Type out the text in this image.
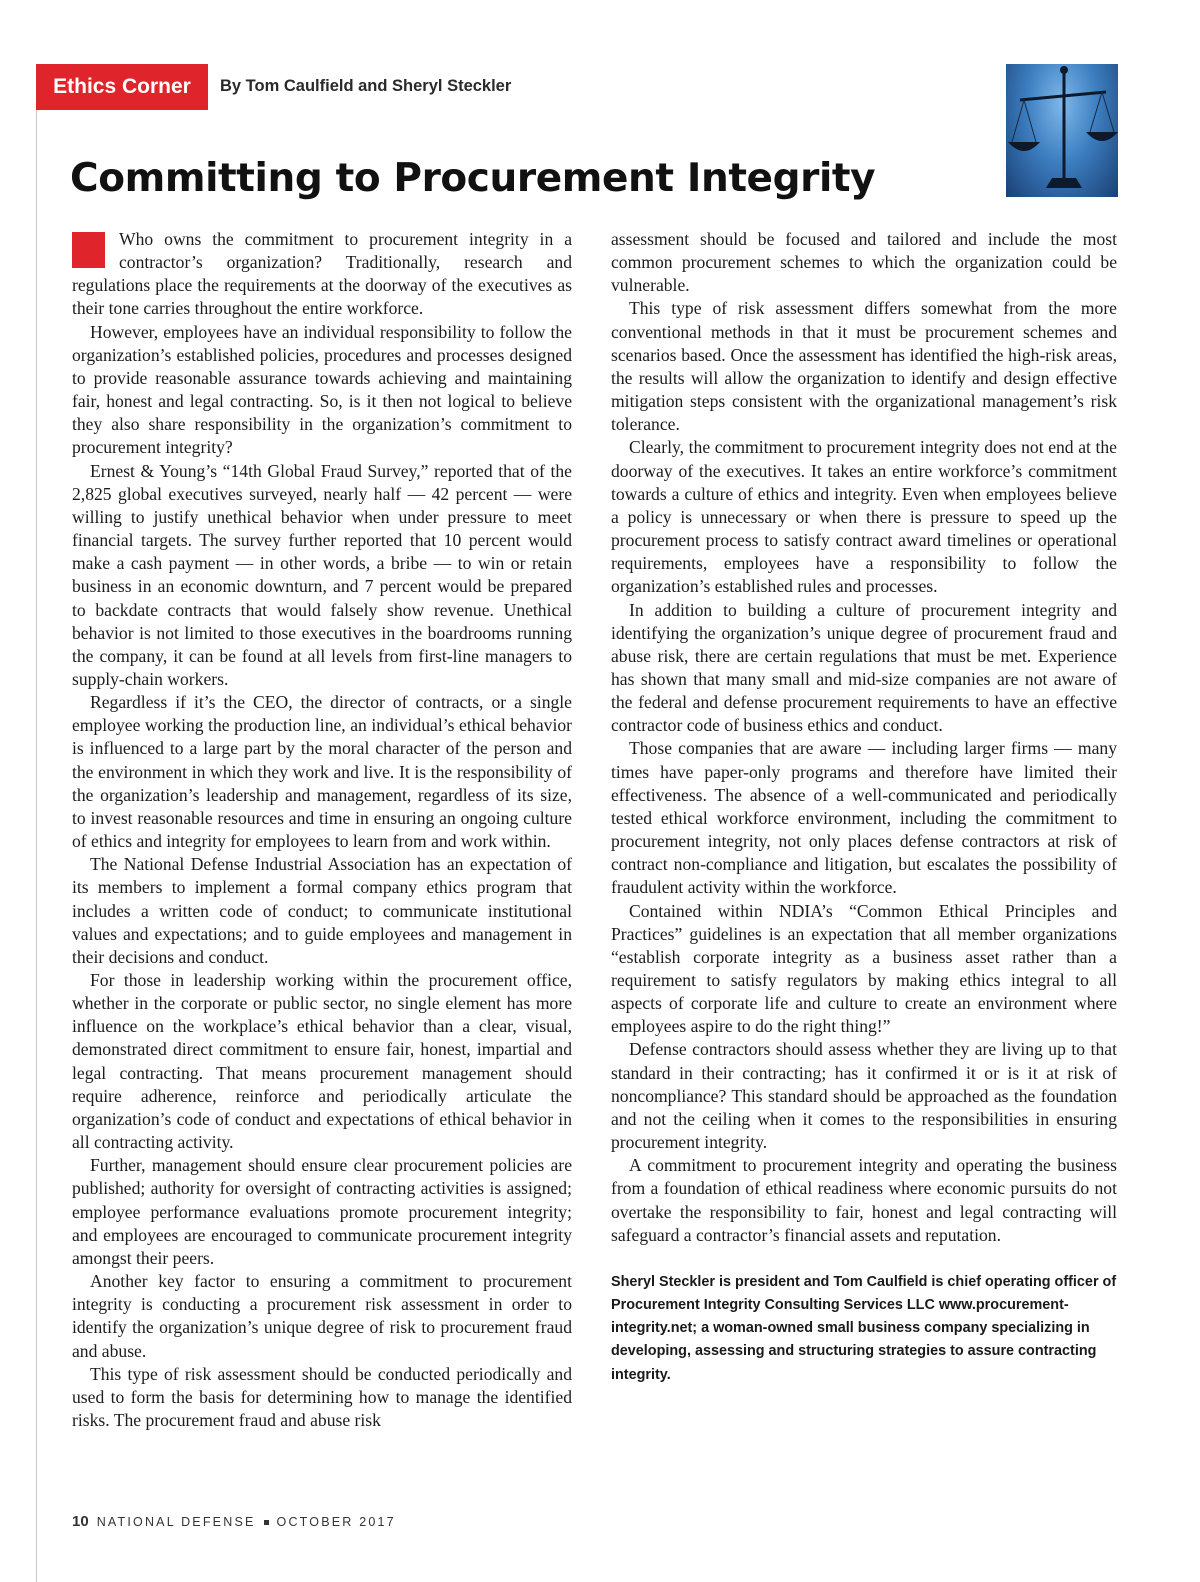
Ethics Corner	By Tom Caulfield and Sheryl Steckler
Committing to Procurement Integrity

Who owns the commitment to procurement integrity in a contractor’s organization? Traditionally, research and regulations place the requirements at the doorway of the executives as their tone carries throughout the entire workforce.

However, employees have an individual responsibility to follow the organization’s established policies, procedures and processes designed to provide reasonable assurance towards achieving and maintaining fair, honest and legal contracting. So, is it then not logical to believe they also share responsibility in the organization’s commitment to procurement integrity?

Ernest & Young’s “14th Global Fraud Survey,” reported that of the 2,825 global executives surveyed, nearly half — 42 percent — were willing to justify unethical behavior when under pressure to meet financial targets. The survey further reported that 10 percent would make a cash payment — in other words, a bribe — to win or retain business in an economic downturn, and 7 percent would be prepared to backdate contracts that would falsely show revenue. Unethical behavior is not limited to those executives in the boardrooms running the company, it can be found at all levels from first-line managers to supply-chain workers.

Regardless if it’s the CEO, the director of contracts, or a single employee working the production line, an individual’s ethical behavior is influenced to a large part by the moral character of the person and the environment in which they work and live. It is the responsibility of the organization’s leadership and management, regardless of its size, to invest reasonable resources and time in ensuring an ongoing culture of ethics and integrity for employees to learn from and work within.

The National Defense Industrial Association has an expectation of its members to implement a formal company ethics program that includes a written code of conduct; to communicate institutional values and expectations; and to guide employees and management in their decisions and conduct.

For those in leadership working within the procurement office, whether in the corporate or public sector, no single element has more influence on the workplace’s ethical behavior than a clear, visual, demonstrated direct commitment to ensure fair, honest, impartial and legal contracting. That means procurement management should require adherence, reinforce and periodically articulate the organization’s code of conduct and expectations of ethical behavior in all contracting activity.

Further, management should ensure clear procurement policies are published; authority for oversight of contracting activities is assigned; employee performance evaluations promote procurement integrity; and employees are encouraged to communicate procurement integrity amongst their peers.

Another key factor to ensuring a commitment to procurement integrity is conducting a procurement risk assessment in order to identify the organization’s unique degree of risk to procurement fraud and abuse.

This type of risk assessment should be conducted periodically and used to form the basis for determining how to manage the identified risks. The procurement fraud and abuse risk

assessment should be focused and tailored and include the most common procurement schemes to which the organization could be vulnerable.

This type of risk assessment differs somewhat from the more conventional methods in that it must be procurement schemes and scenarios based. Once the assessment has identified the high-risk areas, the results will allow the organization to identify and design effective mitigation steps consistent with the organizational management’s risk tolerance.

Clearly, the commitment to procurement integrity does not end at the doorway of the executives. It takes an entire workforce’s commitment towards a culture of ethics and integrity. Even when employees believe a policy is unnecessary or when there is pressure to speed up the procurement process to satisfy contract award timelines or operational requirements, employees have a responsibility to follow the organization’s established rules and processes.

In addition to building a culture of procurement integrity and identifying the organization’s unique degree of procurement fraud and abuse risk, there are certain regulations that must be met. Experience has shown that many small and mid-size companies are not aware of the federal and defense procurement requirements to have an effective contractor code of business ethics and conduct.

Those companies that are aware — including larger firms — many times have paper-only programs and therefore have limited their effectiveness. The absence of a well-communicated and periodically tested ethical workforce environment, including the commitment to procurement integrity, not only places defense contractors at risk of contract non-compliance and litigation, but escalates the possibility of fraudulent activity within the workforce.

Contained within NDIA’s “Common Ethical Principles and Practices” guidelines is an expectation that all member organizations “establish corporate integrity as a business asset rather than a requirement to satisfy regulators by making ethics integral to all aspects of corporate life and culture to create an environment where employees aspire to do the right thing!”

Defense contractors should assess whether they are living up to that standard in their contracting; has it confirmed it or is it at risk of noncompliance? This standard should be approached as the foundation and not the ceiling when it comes to the responsibilities in ensuring procurement integrity.

A commitment to procurement integrity and operating the business from a foundation of ethical readiness where economic pursuits do not overtake the responsibility to fair, honest and legal contracting will safeguard a contractor’s financial assets and reputation.

Sheryl Steckler is president and Tom Caulfield is chief operating officer of Procurement Integrity Consulting Services LLC www.procurement-integrity.net; a woman-owned small business company specializing in developing, assessing and structuring strategies to assure contracting integrity.
10 NATIONAL DEFENSE OCTOBER 2017
